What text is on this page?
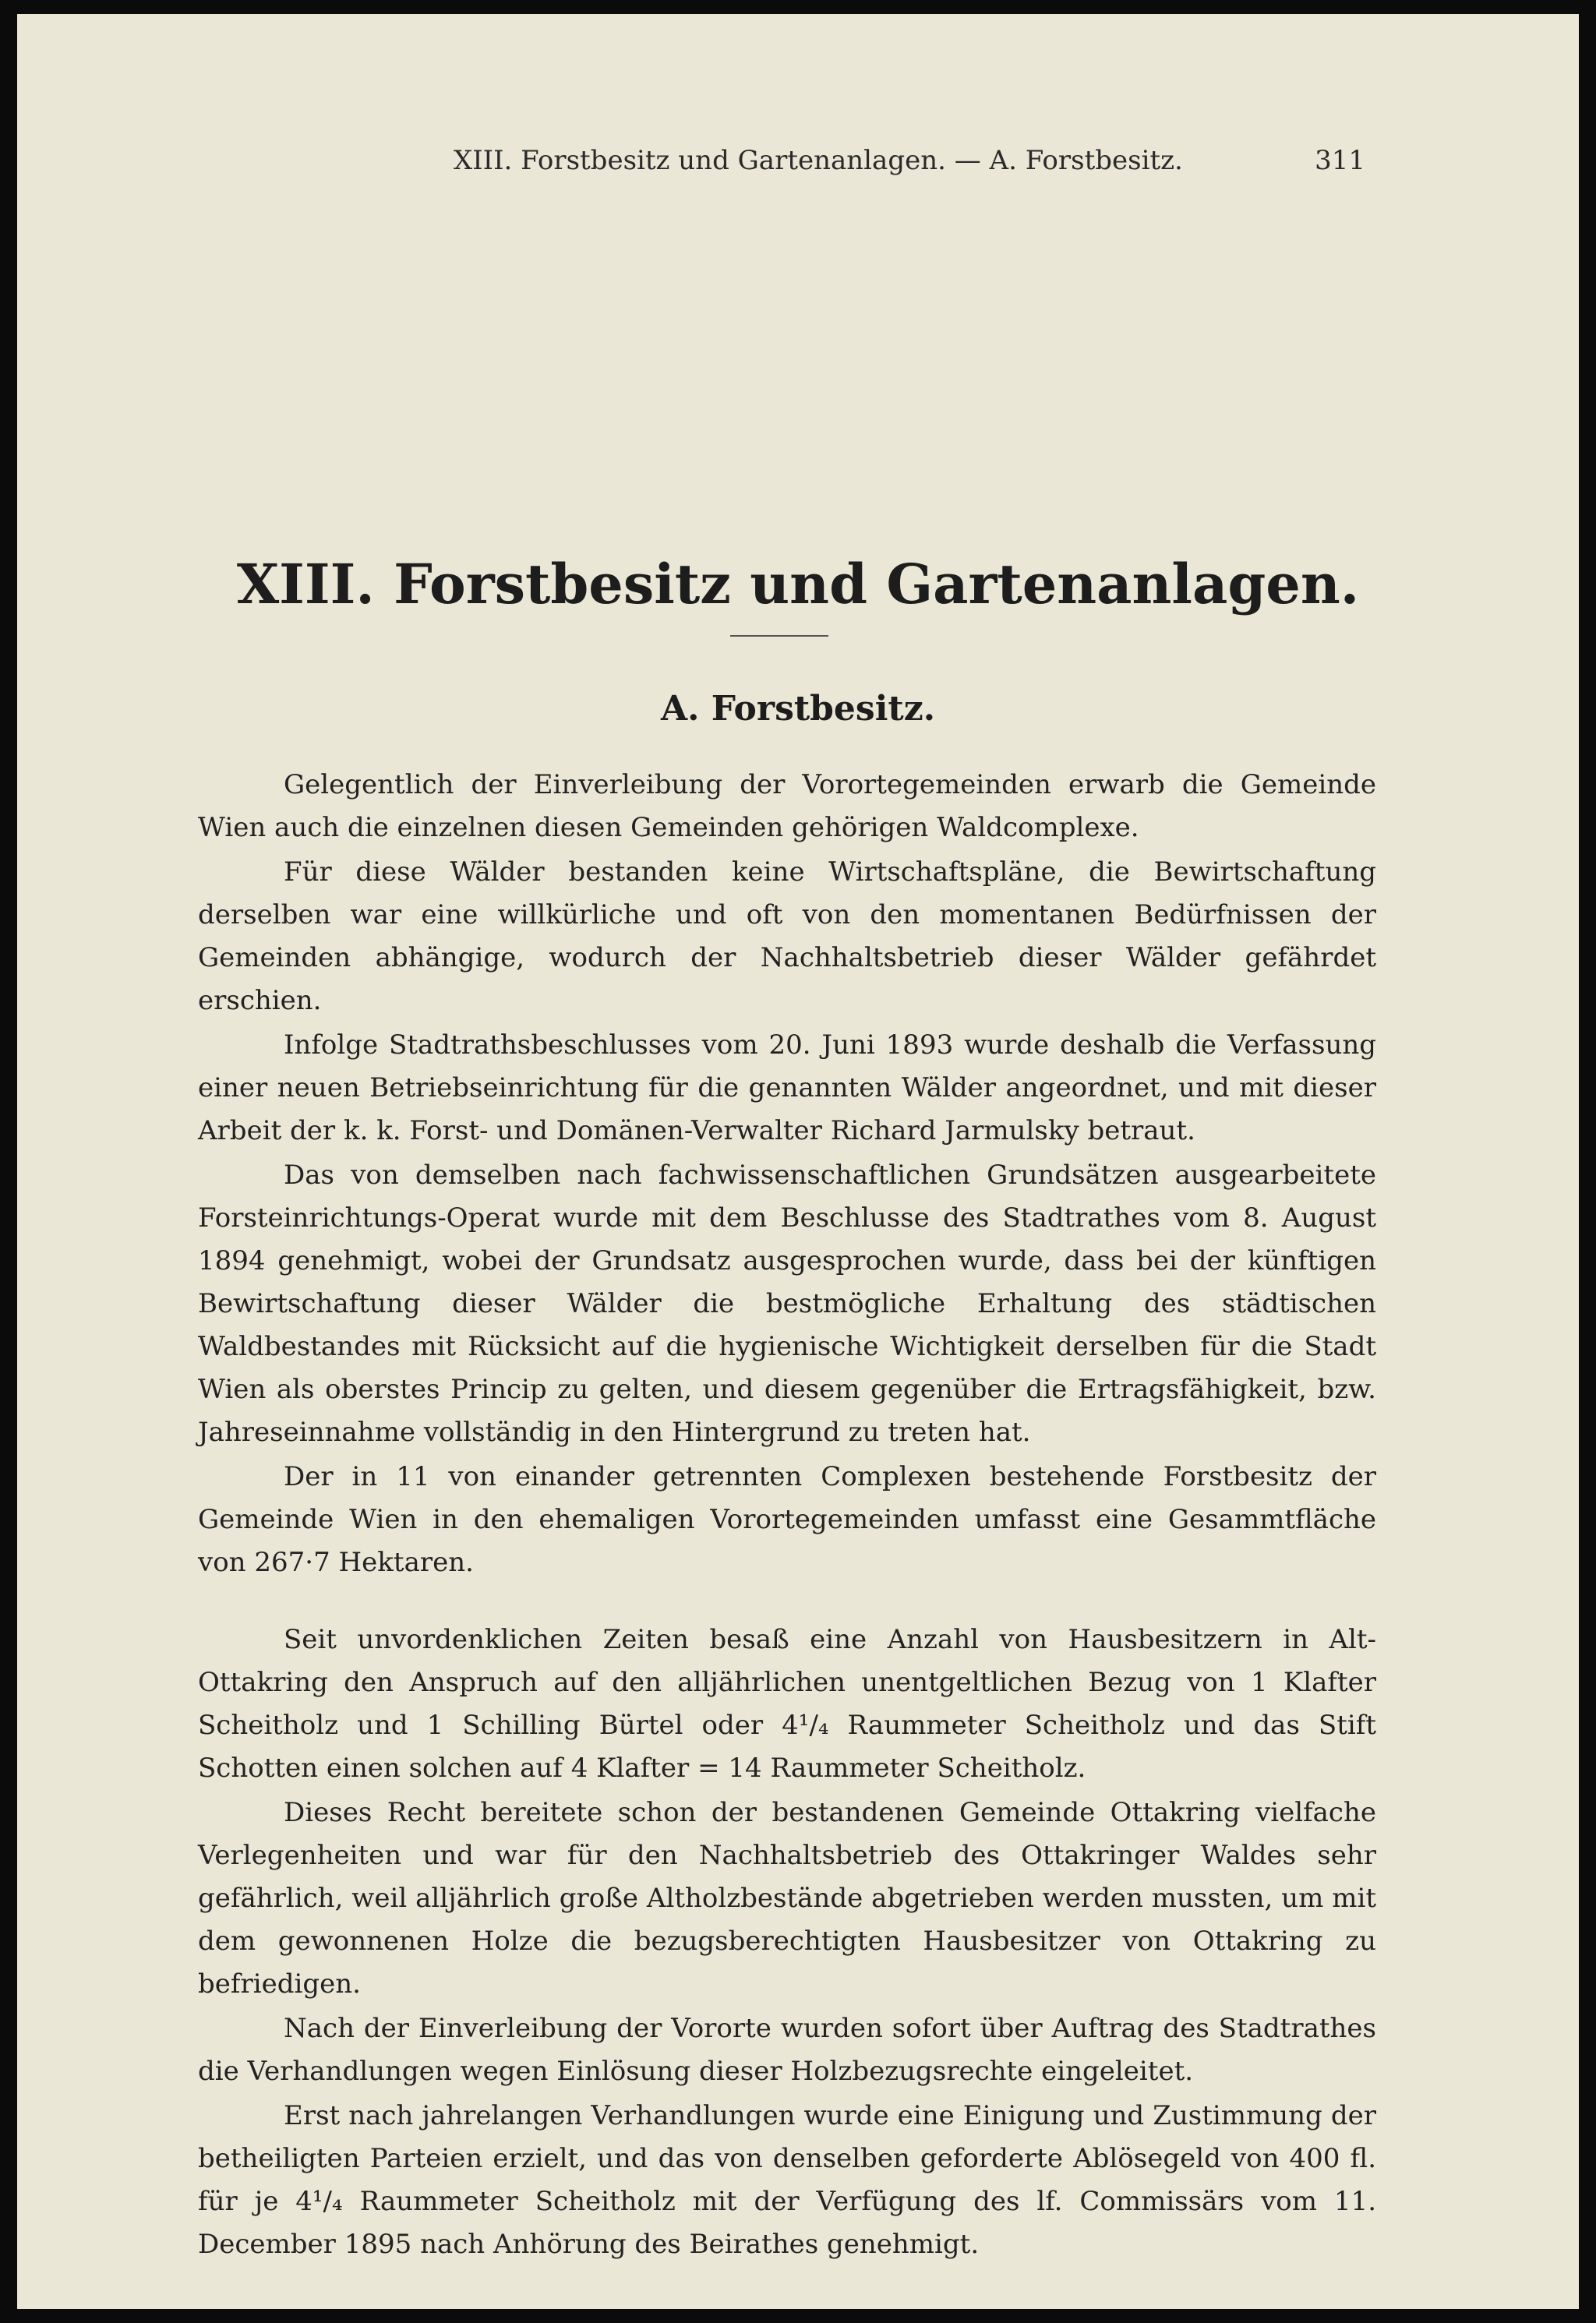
XIII. Forstbesitz und Gartenanlagen. — A. Forstbesitz.	311
XIII. Forstbesitz und Gartenanlagen.
A. Forstbesitz.

Gelegentlich der Einverleibung der Vorortegemeinden erwarb die Gemeinde Wien auch die einzelnen diesen Gemeinden gehörigen Waldcomplexe.

Für diese Wälder bestanden keine Wirtschaftspläne, die Bewirtschaftung derselben war eine willkürliche und oft von den momentanen Bedürfnissen der Gemeinden abhängige, wodurch der Nachhaltsbetrieb dieser Wälder gefährdet erschien.

Infolge Stadtrathsbeschlusses vom 20. Juni 1893 wurde deshalb die Verfassung einer neuen Betriebseinrichtung für die genannten Wälder angeordnet, und mit dieser Arbeit der k. k. Forst- und Domänen-Verwalter Richard Jarmulsky betraut.

Das von demselben nach fachwissenschaftlichen Grundsätzen ausgearbeitete Forsteinrichtungs-Operat wurde mit dem Beschlusse des Stadtrathes vom 8. August 1894 genehmigt, wobei der Grundsatz ausgesprochen wurde, dass bei der künftigen Bewirtschaftung dieser Wälder die bestmögliche Erhaltung des städtischen Waldbestandes mit Rücksicht auf die hygienische Wichtigkeit derselben für die Stadt Wien als oberstes Princip zu gelten, und diesem gegenüber die Ertragsfähigkeit, bzw. Jahreseinnahme vollständig in den Hintergrund zu treten hat.

Der in 11 von einander getrennten Complexen bestehende Forstbesitz der Gemeinde Wien in den ehemaligen Vorortegemeinden umfasst eine Gesammtfläche von 267·7 Hektaren.

Seit unvordenklichen Zeiten besaß eine Anzahl von Hausbesitzern in Alt-Ottakring den Anspruch auf den alljährlichen unentgeltlichen Bezug von 1 Klafter Scheitholz und 1 Schilling Bürtel oder 4¹/₄ Raummeter Scheitholz und das Stift Schotten einen solchen auf 4 Klafter = 14 Raummeter Scheitholz.

Dieses Recht bereitete schon der bestandenen Gemeinde Ottakring vielfache Verlegenheiten und war für den Nachhaltsbetrieb des Ottakringer Waldes sehr gefährlich, weil alljährlich große Altholzbestände abgetrieben werden mussten, um mit dem gewonnenen Holze die bezugsberechtigten Hausbesitzer von Ottakring zu befriedigen.

Nach der Einverleibung der Vororte wurden sofort über Auftrag des Stadtrathes die Verhandlungen wegen Einlösung dieser Holzbezugsrechte eingeleitet.

Erst nach jahrelangen Verhandlungen wurde eine Einigung und Zustimmung der betheiligten Parteien erzielt, und das von denselben geforderte Ablösegeld von 400 fl. für je 4¹/₄ Raummeter Scheitholz mit der Verfügung des lf. Commissärs vom 11. December 1895 nach Anhörung des Beirathes genehmigt.
